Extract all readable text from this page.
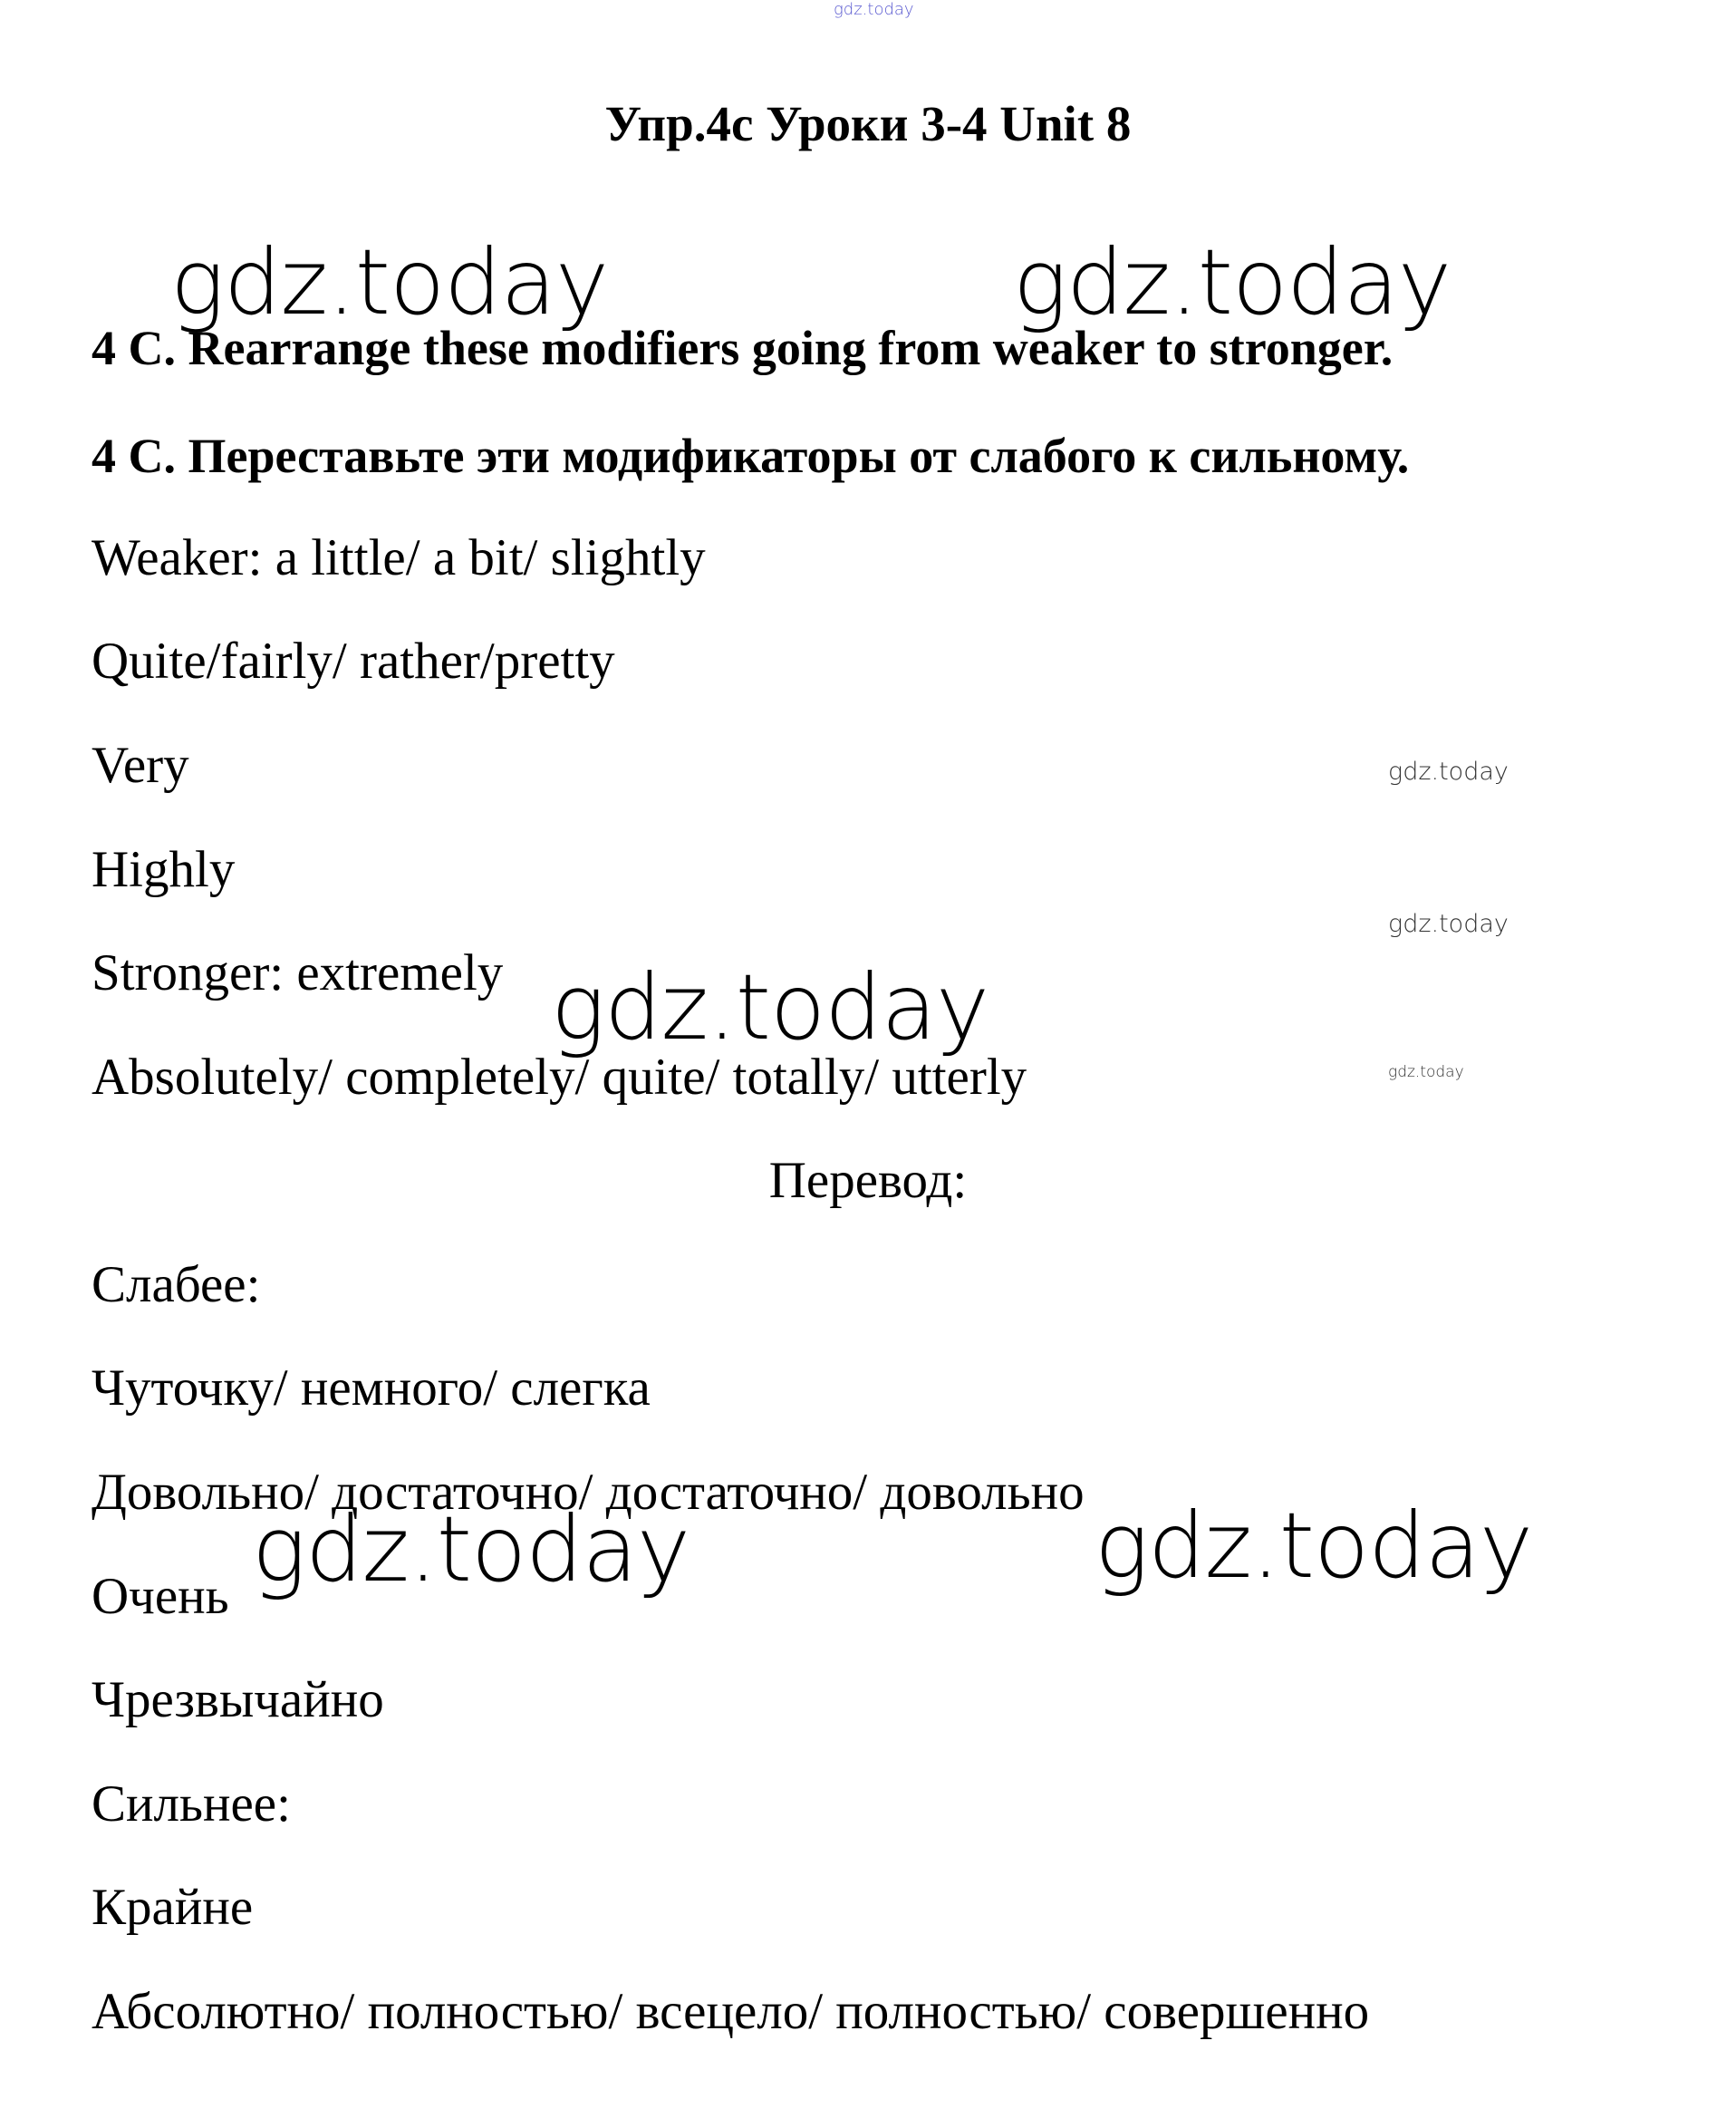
gdz.today
gdz.today	gdz.today
gdz.today
gdz.today
gdz.today
gdz.today
gdz.today	gdz.today
Упр.4c Уроки 3-4 Unit 8
4 C. Rearrange these modifiers going from weaker to stronger.
4 С. Переставьте эти модификаторы от слабого к сильному.
Weaker: a little/ a bit/ slightly
Quite/fairly/ rather/pretty
Very
Highly
Stronger: extremely
Absolutely/ completely/ quite/ totally/ utterly
Перевод:
Слабее:
Чуточку/ немного/ слегка
Довольно/ достаточно/ достаточно/ довольно
Очень
Чрезвычайно
Сильнее:
Крайне
Абсолютно/ полностью/ всецело/ полностью/ совершенно
